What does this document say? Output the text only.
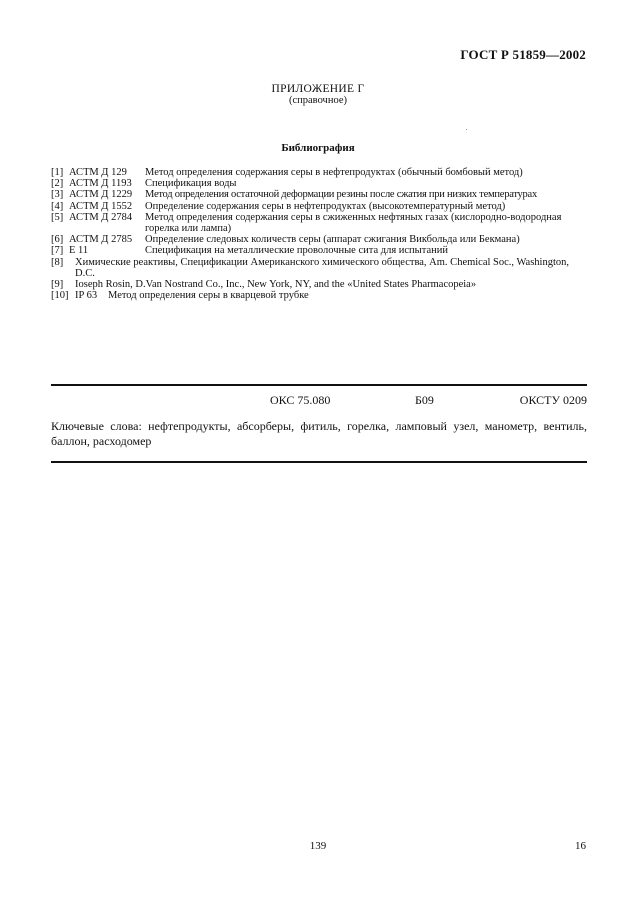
ГОСТ Р 51859—2002
ПРИЛОЖЕНИЕ Г
(справочное)
Библиография
[1] АСТМ Д 129	Метод определения содержания серы в нефтепродуктах (обычный бомбовый метод)
[2] АСТМ Д 1193	Спецификация воды
[3] АСТМ Д 1229	Метод определения остаточной деформации резины после сжатия при низких температурах
[4] АСТМ Д 1552	Определение содержания серы в нефтепродуктах (высокотемпературный метод)
[5] АСТМ Д 2784	Метод определения содержания серы в сжиженных нефтяных газах (кислородно-водородная горелка или лампа)
[6] АСТМ Д 2785	Определение следовых количеств серы (аппарат сжигания Викбольда или Бекмана)
[7] Е 11	Спецификация на металлические проволочные сита для испытаний
[8]	Химические реактивы, Спецификации Американского химического общества, Am. Chemical Soc., Washington, D.C.
[9]	Ioseph Rosin, D.Van Nostrand Co., Inc., New York, NY, and the «United States Pharmacopeia»
[10] IP 63	Метод определения серы в кварцевой трубке
ОКС 75.080	Б09	ОКСТУ 0209
Ключевые слова: нефтепродукты, абсорберы, фитиль, горелка, ламповый узел, манометр, вентиль, баллон, расходомер
139	16
